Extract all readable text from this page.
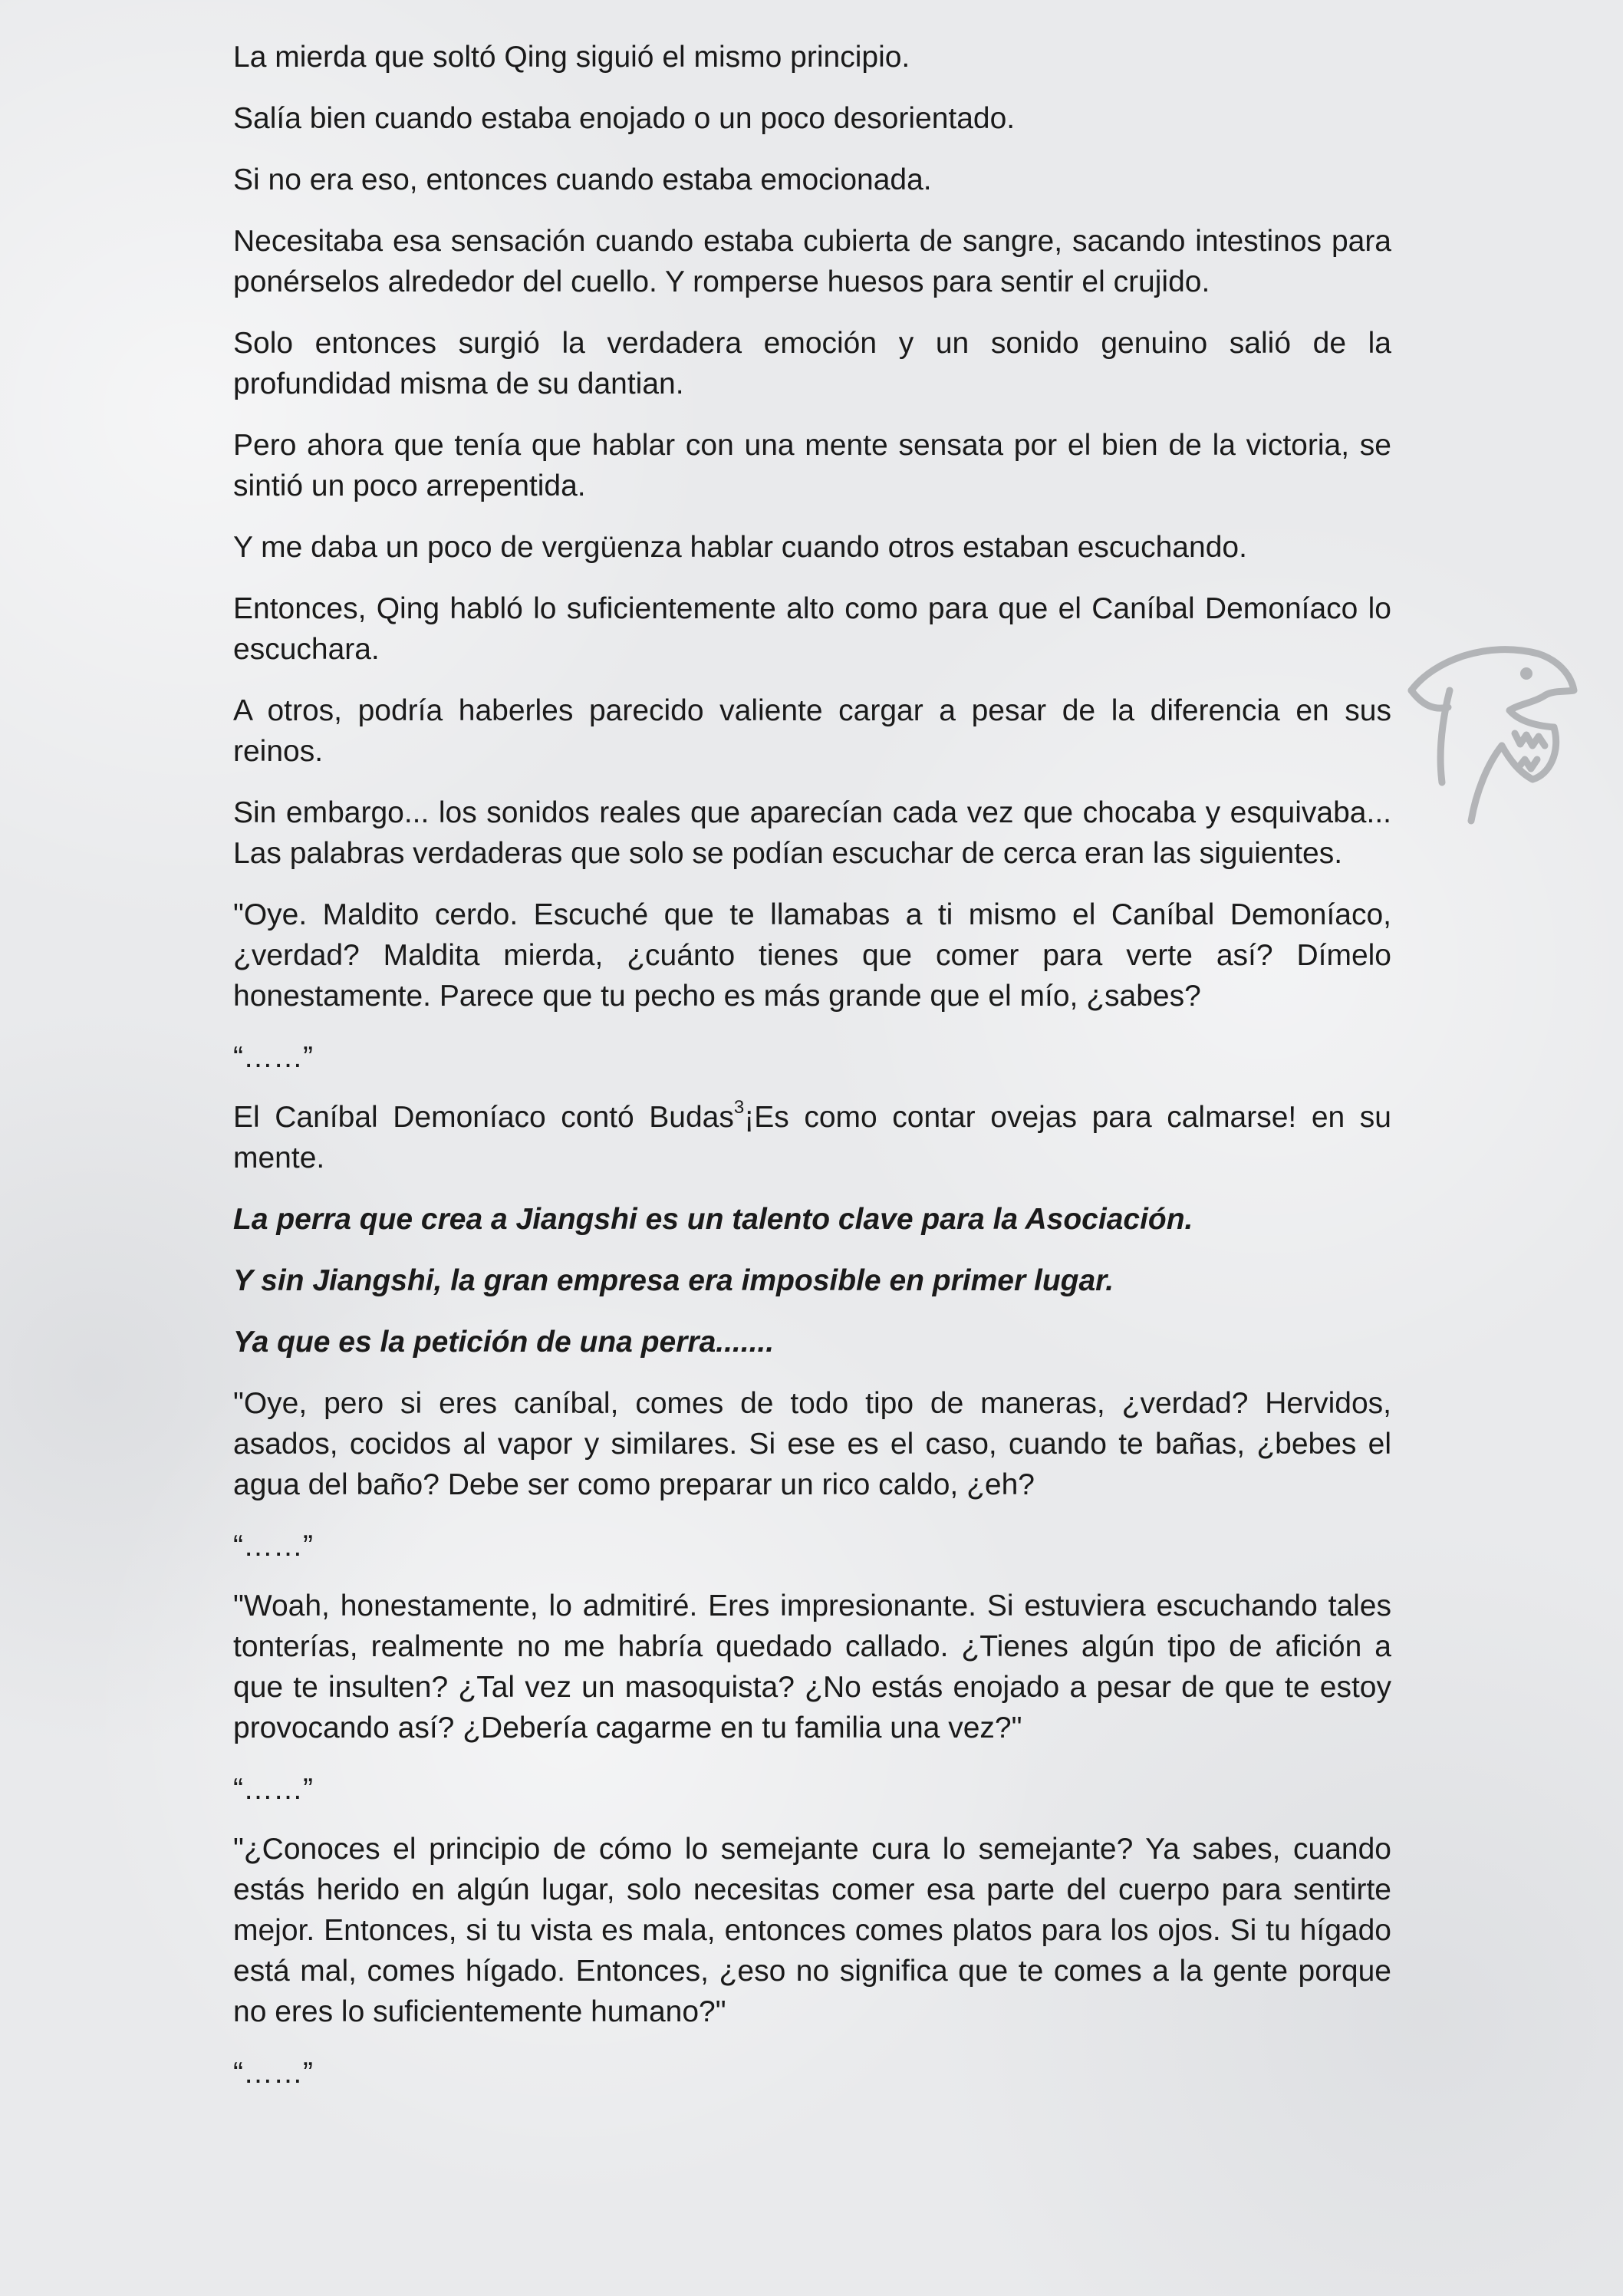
La mierda que soltó Qing siguió el mismo principio.

Salía bien cuando estaba enojado o un poco desorientado.

Si no era eso, entonces cuando estaba emocionada.

Necesitaba esa sensación cuando estaba cubierta de sangre, sacando intestinos para ponérselos alrededor del cuello. Y romperse huesos para sentir el crujido.

Solo entonces surgió la verdadera emoción y un sonido genuino salió de la profundidad misma de su dantian.

Pero ahora que tenía que hablar con una mente sensata por el bien de la victoria, se sintió un poco arrepentida.

Y me daba un poco de vergüenza hablar cuando otros estaban escuchando.

Entonces, Qing habló lo suficientemente alto como para que el Caníbal Demoníaco lo escuchara.

A otros, podría haberles parecido valiente cargar a pesar de la diferencia en sus reinos.

Sin embargo... los sonidos reales que aparecían cada vez que chocaba y esquivaba... Las palabras verdaderas que solo se podían escuchar de cerca eran las siguientes.

"Oye. Maldito cerdo. Escuché que te llamabas a ti mismo el Caníbal Demoníaco, ¿verdad? Maldita mierda, ¿cuánto tienes que comer para verte así? Dímelo honestamente. Parece que tu pecho es más grande que el mío, ¿sabes?

“……”

El Caníbal Demoníaco contó Budas$^3$¡Es como contar ovejas para calmarse! en su mente.

La perra que crea a Jiangshi es un talento clave para la Asociación.

Y sin Jiangshi, la gran empresa era imposible en primer lugar.

Ya que es la petición de una perra.......

"Oye, pero si eres caníbal, comes de todo tipo de maneras, ¿verdad? Hervidos, asados, cocidos al vapor y similares. Si ese es el caso, cuando te bañas, ¿bebes el agua del baño? Debe ser como preparar un rico caldo, ¿eh?

“……”

"Woah, honestamente, lo admitiré. Eres impresionante. Si estuviera escuchando tales tonterías, realmente no me habría quedado callado. ¿Tienes algún tipo de afición a que te insulten? ¿Tal vez un masoquista? ¿No estás enojado a pesar de que te estoy provocando así? ¿Debería cagarme en tu familia una vez?"

“……”

"¿Conoces el principio de cómo lo semejante cura lo semejante? Ya sabes, cuando estás herido en algún lugar, solo necesitas comer esa parte del cuerpo para sentirte mejor. Entonces, si tu vista es mala, entonces comes platos para los ojos. Si tu hígado está mal, comes hígado. Entonces, ¿eso no significa que te comes a la gente porque no eres lo suficientemente humano?"

“……”
